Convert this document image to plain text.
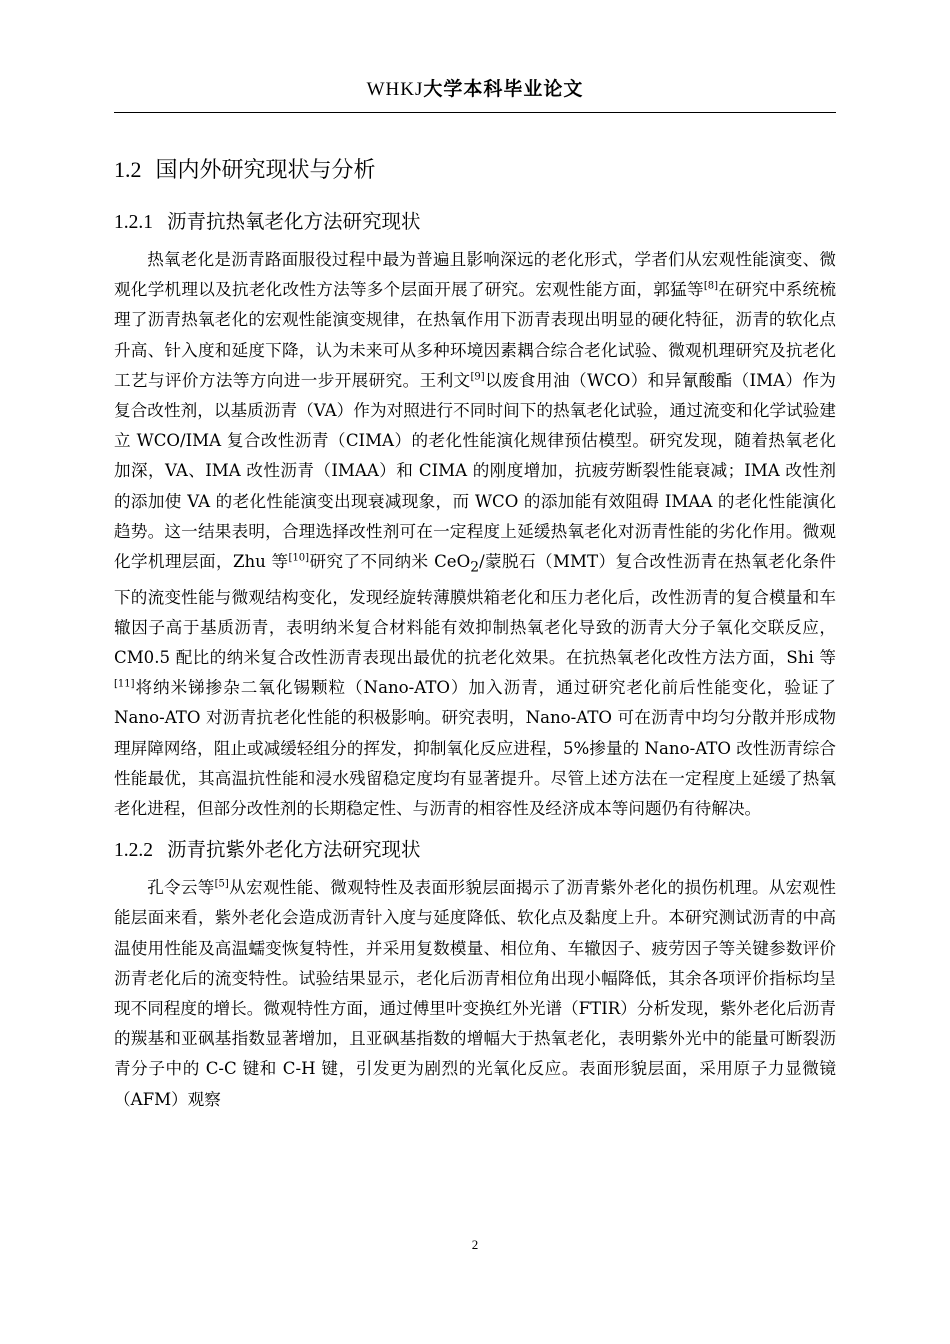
WHKJ大学本科毕业论文
1.2 国内外研究现状与分析
1.2.1 沥青抗热氧老化方法研究现状

热氧老化是沥青路面服役过程中最为普遍且影响深远的老化形式，学者们从宏观性能演变、微观化学机理以及抗老化改性方法等多个层面开展了研究。宏观性能方面，郭猛等[8]在研究中系统梳理了沥青热氧老化的宏观性能演变规律，在热氧作用下沥青表现出明显的硬化特征，沥青的软化点升高、针入度和延度下降，认为未来可从多种环境因素耦合综合老化试验、微观机理研究及抗老化工艺与评价方法等方向进一步开展研究。王利文[9]以废食用油（WCO）和异氰酸酯（IMA）作为复合改性剂，以基质沥青（VA）作为对照进行不同时间下的热氧老化试验，通过流变和化学试验建立 WCO/IMA 复合改性沥青（CIMA）的老化性能演化规律预估模型。研究发现，随着热氧老化加深，VA、IMA 改性沥青（IMAA）和 CIMA 的刚度增加，抗疲劳断裂性能衰减；IMA 改性剂的添加使 VA 的老化性能演变出现衰减现象，而 WCO 的添加能有效阻碍 IMAA 的老化性能演化趋势。这一结果表明，合理选择改性剂可在一定程度上延缓热氧老化对沥青性能的劣化作用。微观化学机理层面，Zhu 等[10]研究了不同纳米 CeO$_2$/蒙脱石（MMT）复合改性沥青在热氧老化条件下的流变性能与微观结构变化，发现经旋转薄膜烘箱老化和压力老化后，改性沥青的复合模量和车辙因子高于基质沥青，表明纳米复合材料能有效抑制热氧老化导致的沥青大分子氧化交联反应，CM0.5 配比的纳米复合改性沥青表现出最优的抗老化效果。在抗热氧老化改性方法方面，Shi 等[11]将纳米锑掺杂二氧化锡颗粒（Nano-ATO）加入沥青，通过研究老化前后性能变化，验证了 Nano-ATO 对沥青抗老化性能的积极影响。研究表明，Nano-ATO 可在沥青中均匀分散并形成物理屏障网络，阻止或减缓轻组分的挥发，抑制氧化反应进程，5%掺量的 Nano-ATO 改性沥青综合性能最优，其高温抗性能和浸水残留稳定度均有显著提升。尽管上述方法在一定程度上延缓了热氧老化进程，但部分改性剂的长期稳定性、与沥青的相容性及经济成本等问题仍有待解决。

1.2.2 沥青抗紫外老化方法研究现状

孔令云等[5]从宏观性能、微观特性及表面形貌层面揭示了沥青紫外老化的损伤机理。从宏观性能层面来看，紫外老化会造成沥青针入度与延度降低、软化点及黏度上升。本研究测试沥青的中高温使用性能及高温蠕变恢复特性，并采用复数模量、相位角、车辙因子、疲劳因子等关键参数评价沥青老化后的流变特性。试验结果显示，老化后沥青相位角出现小幅降低，其余各项评价指标均呈现不同程度的增长。微观特性方面，通过傅里叶变换红外光谱（FTIR）分析发现，紫外老化后沥青的羰基和亚砜基指数显著增加，且亚砜基指数的增幅大于热氧老化，表明紫外光中的能量可断裂沥青分子中的 C-C 键和 C-H 键，引发更为剧烈的光氧化反应。表面形貌层面，采用原子力显微镜（AFM）观察

2
